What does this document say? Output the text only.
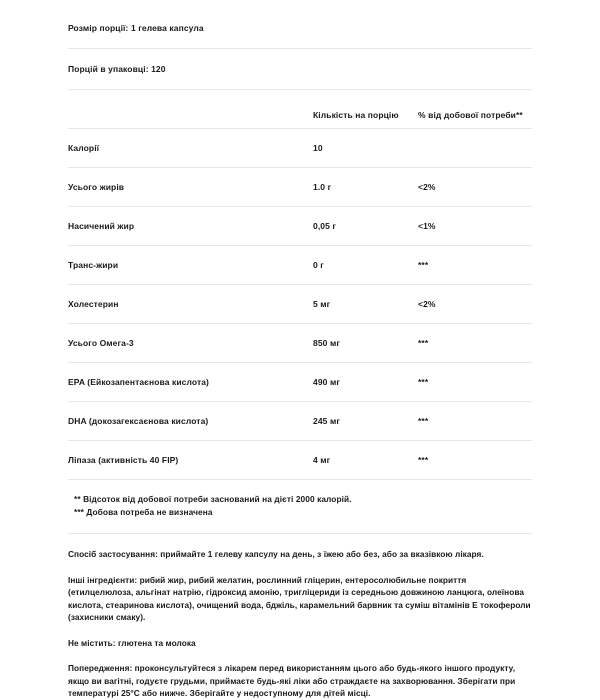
Розмір порції: 1 гелева капсула
Порцій в упаковці: 120
	Кількість на порцію	% від добової потреби**
Калорії	10	
Усього жирів	1.0 г	<2%
Насичений жир	0,05 г	<1%
Транс-жири	0 г	***
Холестерин	5 мг	<2%
Усього Омега-3	850 мг	***
EPA (Ейкозапентаєнова кислота)	490 мг	***
DHA (докозагексаєнова кислота)	245 мг	***
Ліпаза (активність 40 FIP)	4 мг	***
** Відсоток від добової потреби заснований на дієті 2000 калорій.
*** Добова потреба не визначена
Спосіб застосування: приймайте 1 гелеву капсулу на день, з їжею або без, або за вказівкою лікаря.
Інші інгредієнти: рибий жир, рибий желатин, рослинний гліцерин, ентеросолюбильне покриття (етилцелюлоза, альгінат натрію, гідроксид амонію, тригліцериди із середньою довжиною ланцюга, олеїнова кислота, стеаринова кислота), очищений вода, бджіль, карамельний барвник та суміш вітамінів Е токофероли (захисники смаку).
Не містить: глютена та молока
Попередження: проконсультуйтеся з лікарем перед використанням цього або будь-якого іншого продукту, якщо ви вагітні, годуєте грудьми, приймаєте будь-які ліки або страждаєте на захворювання. Зберігати при температурі 25°C або нижче. Зберігайте у недоступному для дітей місці.
